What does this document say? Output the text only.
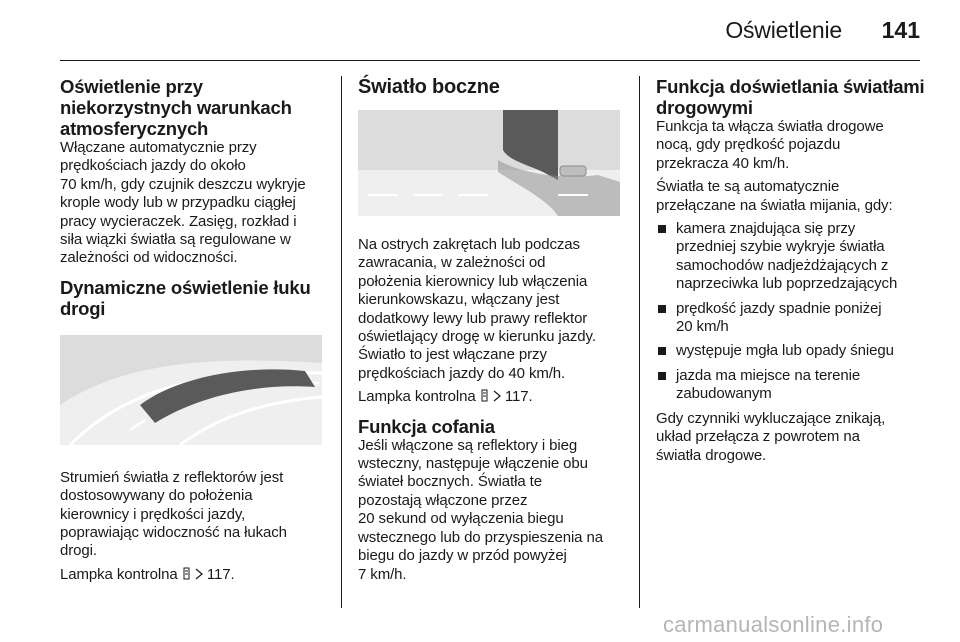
Oświetlenie 141
Oświetlenie przy
niekorzystnych warunkach
atmosferycznych

Włączane automatycznie przy
prędkościach jazdy do około
70 km/h, gdy czujnik deszczu wykryje
krople wody lub w przypadku ciągłej
pracy wycieraczek. Zasięg, rozkład i
siła wiązki światła są regulowane w
zależności od widoczności.

Dynamiczne oświetlenie łuku
drogi

Strumień światła z reflektorów jest
dostosowywany do położenia
kierownicy i prędkości jazdy,
poprawiając widoczność na łukach
drogi.

Lampka kontrolna 117.

Światło boczne

Na ostrych zakrętach lub podczas
zawracania, w zależności od
położenia kierownicy lub włączenia
kierunkowskazu, włączany jest
dodatkowy lewy lub prawy reflektor
oświetlający drogę w kierunku jazdy.
Światło to jest włączane przy
prędkościach jazdy do 40 km/h.

Lampka kontrolna 117.

Funkcja cofania

Jeśli włączone są reflektory i bieg
wsteczny, następuje włączenie obu
świateł bocznych. Światła te
pozostają włączone przez
20 sekund od wyłączenia biegu
wstecznego lub do przyspieszenia na
biegu do jazdy w przód powyżej
7 km/h.

Funkcja doświetlania światłami
drogowymi

Funkcja ta włącza światła drogowe
nocą, gdy prędkość pojazdu
przekracza 40 km/h.

Światła te są automatycznie
przełączane na światła mijania, gdy:

kamera znajdująca się przy
przedniej szybie wykryje światła
samochodów nadjeżdżających z
naprzeciwka lub poprzedzających
prędkość jazdy spadnie poniżej
20 km/h
występuje mgła lub opady śniegu
jazda ma miejsce na terenie
zabudowanym

Gdy czynniki wykluczające znikają,
układ przełącza z powrotem na
światła drogowe.

carmanualsonline.info
